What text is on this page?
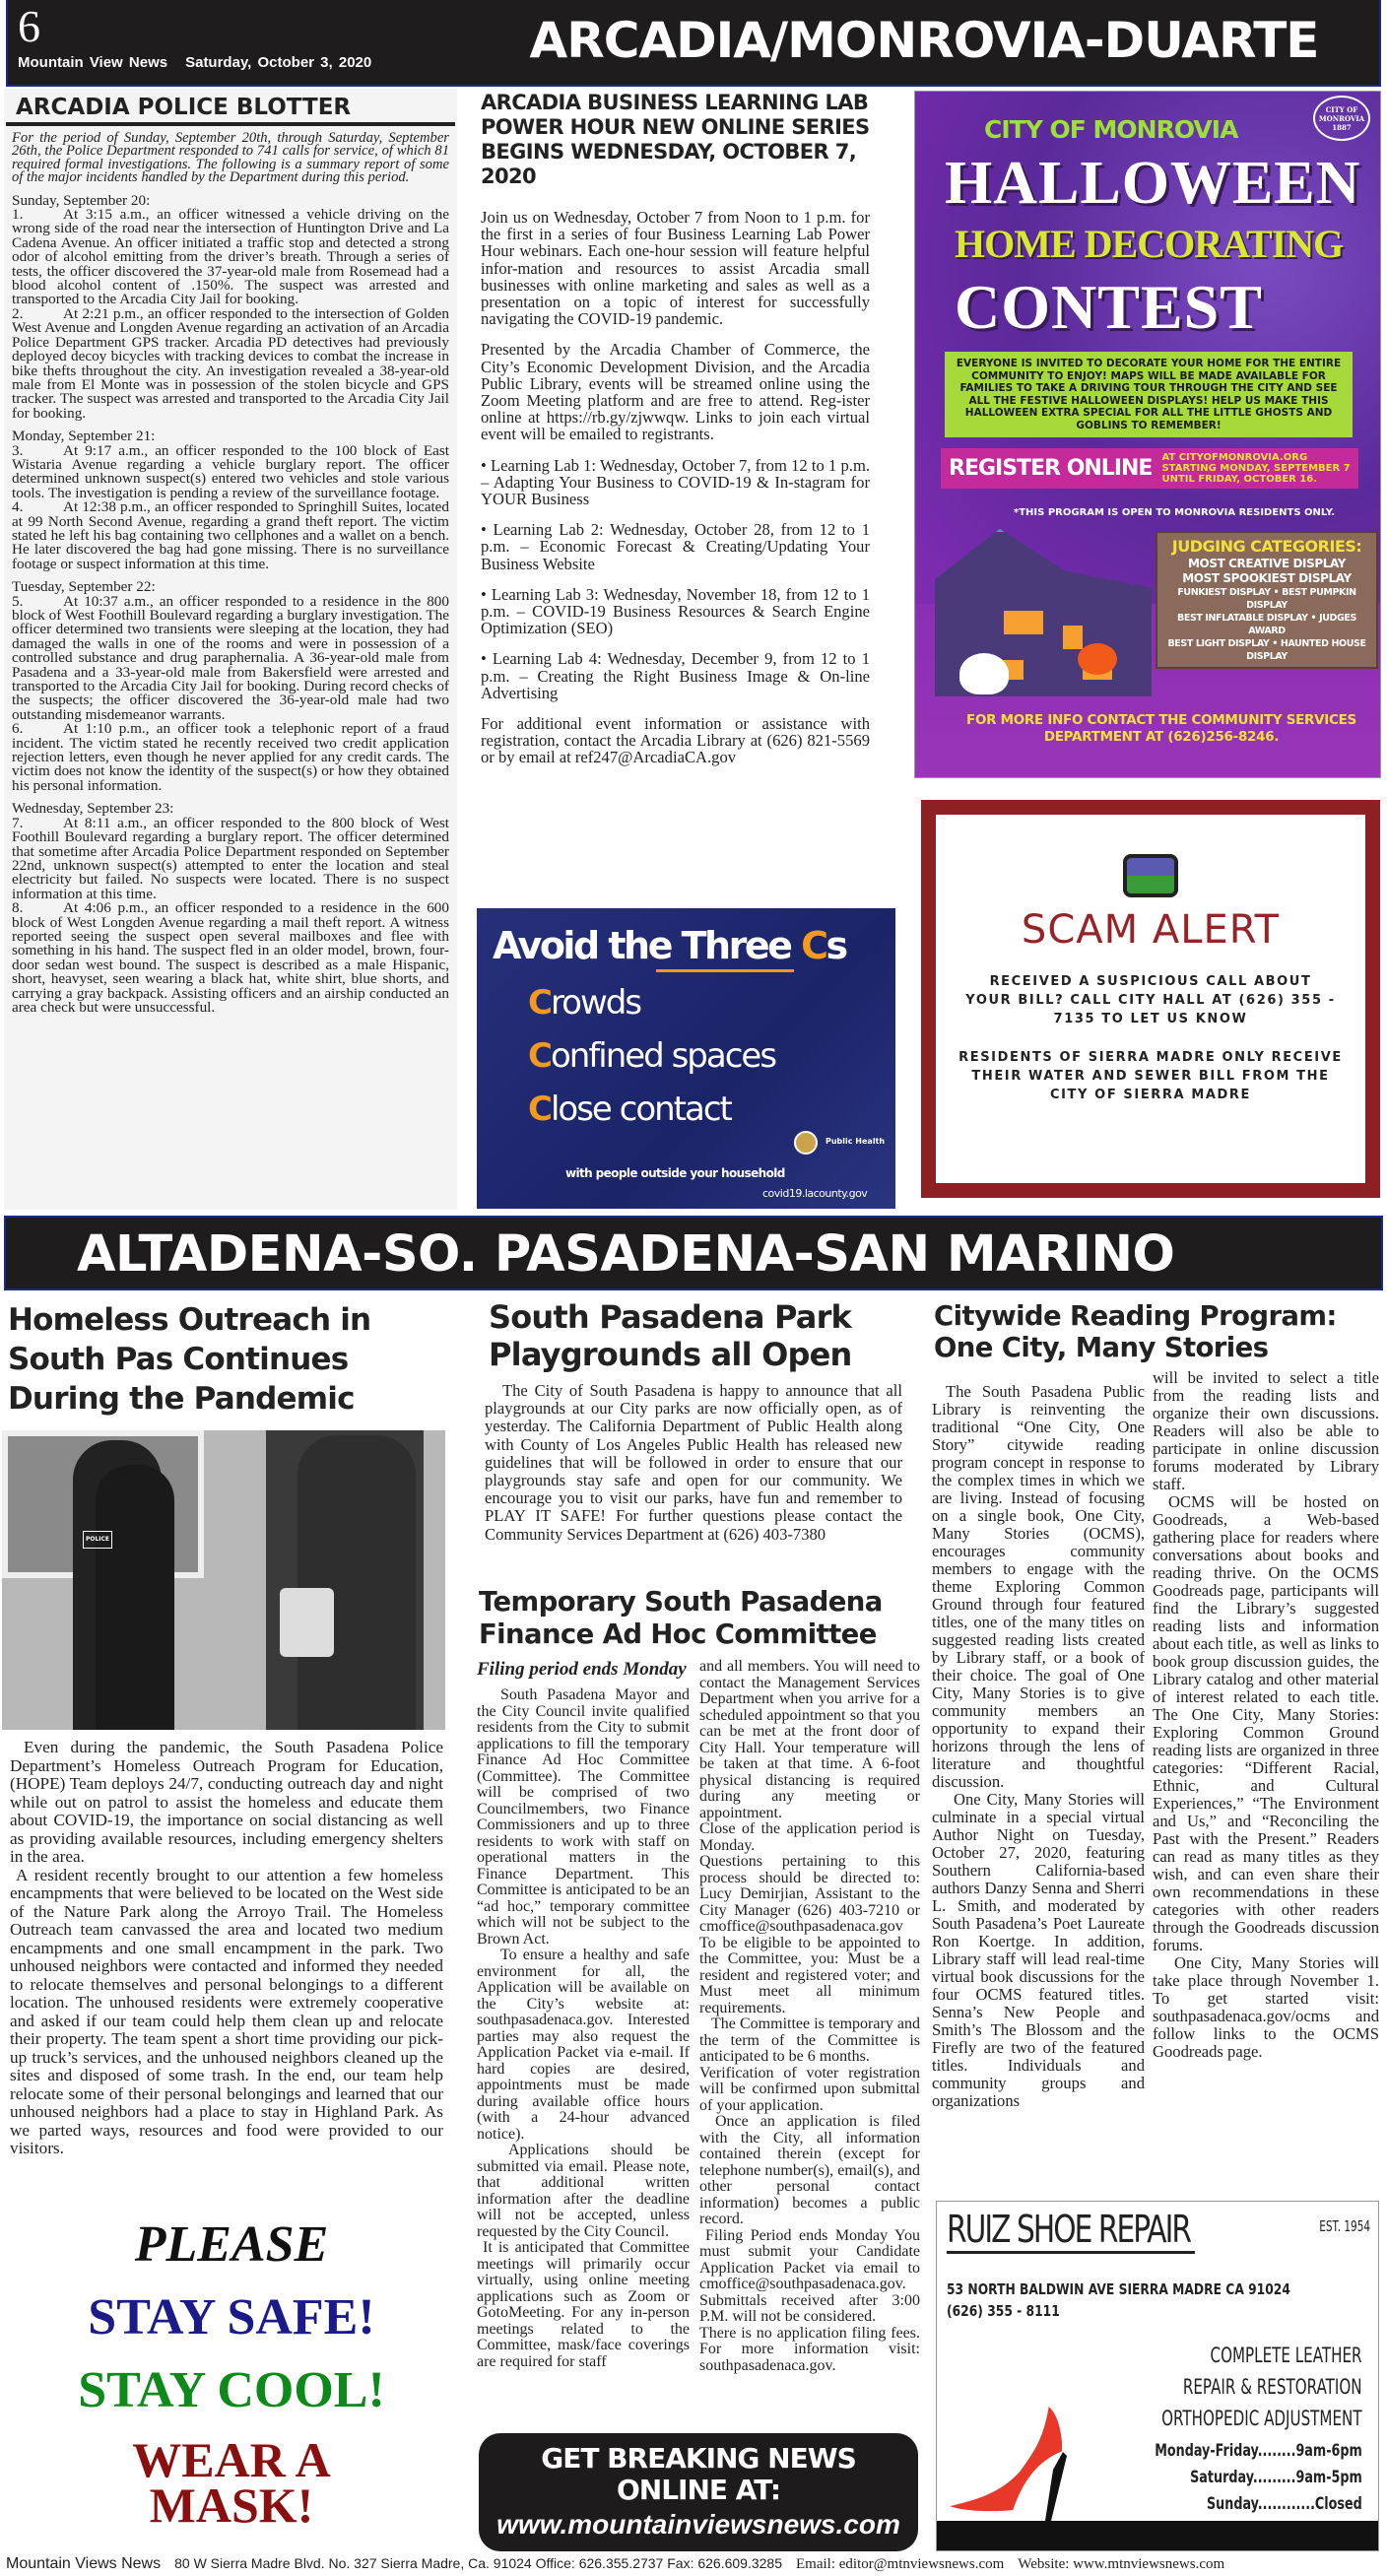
6
Mountain View News Saturday, October 3, 2020	ARCADIA/MONROVIA-DUARTE
ARCADIA POLICE BLOTTER

For the period of Sunday, September 20th, through Saturday, September 26th, the Police Department responded to 741 calls for service, of which 81 required formal investigations. The following is a summary report of some of the major incidents handled by the Department during this period.

Sunday, September 20:

1.	At 3:15 a.m., an officer witnessed a vehicle driving on the wrong side of the road near the intersection of Huntington Drive and La Cadena Avenue. An officer initiated a traffic stop and detected a strong odor of alcohol emitting from the driver’s breath. Through a series of tests, the officer discovered the 37-year-old male from Rosemead had a blood alcohol content of .150%. The suspect was arrested and transported to the Arcadia City Jail for booking.

2.	At 2:21 p.m., an officer responded to the intersection of Golden West Avenue and Longden Avenue regarding an activation of an Arcadia Police Department GPS tracker. Arcadia PD detectives had previously deployed decoy bicycles with tracking devices to combat the increase in bike thefts throughout the city. An investigation revealed a 38-year-old male from El Monte was in possession of the stolen bicycle and GPS tracker. The suspect was arrested and transported to the Arcadia City Jail for booking.

Monday, September 21:

3.	At 9:17 a.m., an officer responded to the 100 block of East Wistaria Avenue regarding a vehicle burglary report. The officer determined unknown suspect(s) entered two vehicles and stole various tools. The investigation is pending a review of the surveillance footage.

4.	At 12:38 p.m., an officer responded to Springhill Suites, located at 99 North Second Avenue, regarding a grand theft report. The victim stated he left his bag containing two cellphones and a wallet on a bench. He later discovered the bag had gone missing. There is no surveillance footage or suspect information at this time.

Tuesday, September 22:

5.	At 10:37 a.m., an officer responded to a residence in the 800 block of West Foothill Boulevard regarding a burglary investigation. The officer determined two transients were sleeping at the location, they had damaged the walls in one of the rooms and were in possession of a controlled substance and drug paraphernalia. A 36-year-old male from Pasadena and a 33-year-old male from Bakersfield were arrested and transported to the Arcadia City Jail for booking. During record checks of the suspects; the officer discovered the 36-year-old male had two outstanding misdemeanor warrants.

6.	At 1:10 p.m., an officer took a telephonic report of a fraud incident. The victim stated he recently received two credit application rejection letters, even though he never applied for any credit cards. The victim does not know the identity of the suspect(s) or how they obtained his personal information.

Wednesday, September 23:

7.	At 8:11 a.m., an officer responded to the 800 block of West Foothill Boulevard regarding a burglary report. The officer determined that sometime after Arcadia Police Department responded on September 22nd, unknown suspect(s) attempted to enter the location and steal electricity but failed. No suspects were located. There is no suspect information at this time.

8.	At 4:06 p.m., an officer responded to a residence in the 600 block of West Longden Avenue regarding a mail theft report. A witness reported seeing the suspect open several mailboxes and flee with something in his hand. The suspect fled in an older model, brown, four-door sedan west bound. The suspect is described as a male Hispanic, short, heavyset, seen wearing a black hat, white shirt, blue shorts, and carrying a gray backpack. Assisting officers and an airship conducted an area check but were unsuccessful.

ARCADIA BUSINESS LEARNING LAB POWER HOUR NEW ONLINE SERIES BEGINS WEDNESDAY, OCTOBER 7, 2020

Join us on Wednesday, October 7 from Noon to 1 p.m. for the first in a series of four Business Learning Lab Power Hour webinars. Each one-hour session will feature helpful infor-mation and resources to assist Arcadia small businesses with online marketing and sales as well as a presentation on a topic of interest for successfully navigating the COVID-19 pandemic.

Presented by the Arcadia Chamber of Commerce, the City’s Economic Development Division, and the Arcadia Public Library, events will be streamed online using the Zoom Meeting platform and are free to attend. Reg-ister online at https://rb.gy/zjwwqw. Links to join each virtual event will be emailed to registrants.

• Learning Lab 1: Wednesday, October 7, from 12 to 1 p.m. – Adapting Your Business to COVID-19 & In-stagram for YOUR Business

• Learning Lab 2: Wednesday, October 28, from 12 to 1 p.m. – Economic Forecast & Creating/Updating Your Business Website

• Learning Lab 3: Wednesday, November 18, from 12 to 1 p.m. – COVID-19 Business Resources & Search Engine Optimization (SEO)

• Learning Lab 4: Wednesday, December 9, from 12 to 1 p.m. – Creating the Right Business Image & On-line Advertising

For additional event information or assistance with registration, contact the Arcadia Library at (626) 821-5569 or by email at ref247@ArcadiaCA.gov

Avoid the Three Cs
Crowds
Confined spaces
Close contact
with people outside your household
Public Health
covid19.lacounty.gov
CITY OF MONROVIA
CITY OF MONROVIA 1887
HALLOWEEN
HOME DECORATING
CONTEST
EVERYONE IS INVITED TO DECORATE YOUR HOME FOR THE ENTIRE COMMUNITY TO ENJOY! MAPS WILL BE MADE AVAILABLE FOR FAMILIES TO TAKE A DRIVING TOUR THROUGH THE CITY AND SEE ALL THE FESTIVE HALLOWEEN DISPLAYS! HELP US MAKE THIS HALLOWEEN EXTRA SPECIAL FOR ALL THE LITTLE GHOSTS AND GOBLINS TO REMEMBER!
REGISTER ONLINE AT CITYOFMONROVIA.ORG STARTING MONDAY, SEPTEMBER 7 UNTIL FRIDAY, OCTOBER 16.
*THIS PROGRAM IS OPEN TO MONROVIA RESIDENTS ONLY.
JUDGING CATEGORIES:
MOST CREATIVE DISPLAY
MOST SPOOKIEST DISPLAY
FUNKIEST DISPLAY • BEST PUMPKIN DISPLAY
BEST INFLATABLE DISPLAY • JUDGES AWARD
BEST LIGHT DISPLAY • HAUNTED HOUSE DISPLAY
FOR MORE INFO CONTACT THE COMMUNITY SERVICES DEPARTMENT AT (626)256-8246.
SCAM ALERT

RECEIVED A SUSPICIOUS CALL ABOUT YOUR BILL? CALL CITY HALL AT (626) 355 - 7135 TO LET US KNOW

RESIDENTS OF SIERRA MADRE ONLY RECEIVE THEIR WATER AND SEWER BILL FROM THE CITY OF SIERRA MADRE

ALTADENA-SO. PASADENA-SAN MARINO
Homeless Outreach in South Pas Continues During the Pandemic
POLICE

Even during the pandemic, the South Pasadena Police Department’s Homeless Outreach Program for Education, (HOPE) Team deploys 24/7, conducting outreach day and night while out on patrol to assist the homeless and educate them about COVID-19, the importance on social distancing as well as providing available resources, including emergency shelters in the area.

A resident recently brought to our attention a few homeless encampments that were believed to be located on the West side of the Nature Park along the Arroyo Trail. The Homeless Outreach team canvassed the area and located two medium encampments and one small encampment in the park. Two unhoused neighbors were contacted and informed they needed to relocate themselves and personal belongings to a different location. The unhoused residents were extremely cooperative and asked if our team could help them clean up and relocate their property. The team spent a short time providing our pick-up truck’s services, and the unhoused neighbors cleaned up the sites and disposed of some trash. In the end, our team help relocate some of their personal belongings and learned that our unhoused neighbors had a place to stay in Highland Park. As we parted ways, resources and food were provided to our visitors.

PLEASE
STAY SAFE!
STAY COOL!
WEAR A MASK!
South Pasadena Park Playgrounds all Open

The City of South Pasadena is happy to announce that all playgrounds at our City parks are now officially open, as of yesterday. The California Department of Public Health along with County of Los Angeles Public Health has released new guidelines that will be followed in order to ensure that our playgrounds stay safe and open for our community. We encourage you to visit our parks, have fun and remember to PLAY IT SAFE! For further questions please contact the Community Services Department at (626) 403-7380

Temporary South Pasadena Finance Ad Hoc Committee
Filing period ends Monday

South Pasadena Mayor and the City Council invite qualified residents from the City to submit applications to fill the temporary Finance Ad Hoc Committee (Committee). The Committee will be comprised of two Councilmembers, two Finance Commissioners and up to three residents to work with staff on operational matters in the Finance Department. This Committee is anticipated to be an “ad hoc,” temporary committee which will not be subject to the Brown Act.

To ensure a healthy and safe environment for all, the Application will be available on the City’s website at: southpasadenaca.gov. Interested parties may also request the Application Packet via e-mail. If hard copies are desired, appointments must be made during available office hours (with a 24-hour advanced notice).

Applications should be submitted via email. Please note, that additional written information after the deadline will not be accepted, unless requested by the City Council.

It is anticipated that Committee meetings will primarily occur virtually, using online meeting applications such as Zoom or GotoMeeting. For any in-person meetings related to the Committee, mask/face coverings are required for staff

and all members. You will need to contact the Management Services Department when you arrive for a scheduled appointment so that you can be met at the front door of City Hall. Your temperature will be taken at that time. A 6-foot physical distancing is required during any meeting or appointment.

Close of the application period is Monday.

Questions pertaining to this process should be directed to: Lucy Demirjian, Assistant to the City Manager (626) 403-7210 or cmoffice@southpasadenaca.gov

To be eligible to be appointed to the Committee, you: Must be a resident and registered voter; and Must meet all minimum requirements.

The Committee is temporary and the term of the Committee is anticipated to be 6 months.

Verification of voter registration will be confirmed upon submittal of your application.

Once an application is filed with the City, all information contained therein (except for telephone number(s), email(s), and other personal contact information) becomes a public record.

Filing Period ends Monday You must submit your Candidate Application Packet via email to cmoffice@southpasadenaca.gov. Submittals received after 3:00 P.M. will not be considered.

There is no application filing fees. For more information visit: southpasadenaca.gov.

GET BREAKING NEWS
ONLINE AT:
www.mountainviewsnews.com
Citywide Reading Program: One City, Many Stories

The South Pasadena Public Library is reinventing the traditional “One City, One Story” citywide reading program concept in response to the complex times in which we are living. Instead of focusing on a single book, One City, Many Stories (OCMS), encourages community members to engage with the theme Exploring Common Ground through four featured titles, one of the many titles on suggested reading lists created by Library staff, or a book of their choice. The goal of One City, Many Stories is to give community members an opportunity to expand their horizons through the lens of literature and thoughtful discussion.

One City, Many Stories will culminate in a special virtual Author Night on Tuesday, October 27, 2020, featuring Southern California-based authors Danzy Senna and Sherri L. Smith, and moderated by South Pasadena’s Poet Laureate Ron Koertge. In addition, Library staff will lead real-time virtual book discussions for the four OCMS featured titles. Senna’s New People and Smith’s The Blossom and the Firefly are two of the featured titles. Individuals and community groups and organizations

will be invited to select a title from the reading lists and organize their own discussions. Readers will also be able to participate in online discussion forums moderated by Library staff.

OCMS will be hosted on Goodreads, a Web-based gathering place for readers where conversations about books and reading thrive. On the OCMS Goodreads page, participants will find the Library’s suggested reading lists and information about each title, as well as links to book group discussion guides, the Library catalog and other material of interest related to each title. The One City, Many Stories: Exploring Common Ground reading lists are organized in three categories: “Different Racial, Ethnic, and Cultural Experiences,” “The Environment and Us,” and “Reconciling the Past with the Present.” Readers can read as many titles as they wish, and can even share their own recommendations in these categories with other readers through the Goodreads discussion forums.

One City, Many Stories will take place through November 1. To get started visit: southpasadenaca.gov/ocms and follow links to the OCMS Goodreads page.

RUIZ SHOE REPAIR	EST. 1954
53 NORTH BALDWIN AVE SIERRA MADRE CA 91024
(626) 355 - 8111
COMPLETE LEATHER
REPAIR & RESTORATION
ORTHOPEDIC ADJUSTMENT
Monday-Friday........9am-6pm
Saturday.........9am-5pm
Sunday............Closed
Mountain Views News 80 W Sierra Madre Blvd. No. 327 Sierra Madre, Ca. 91024 Office: 626.355.2737 Fax: 626.609.3285 Email: editor@mtnviewsnews.com Website: www.mtnviewsnews.com
